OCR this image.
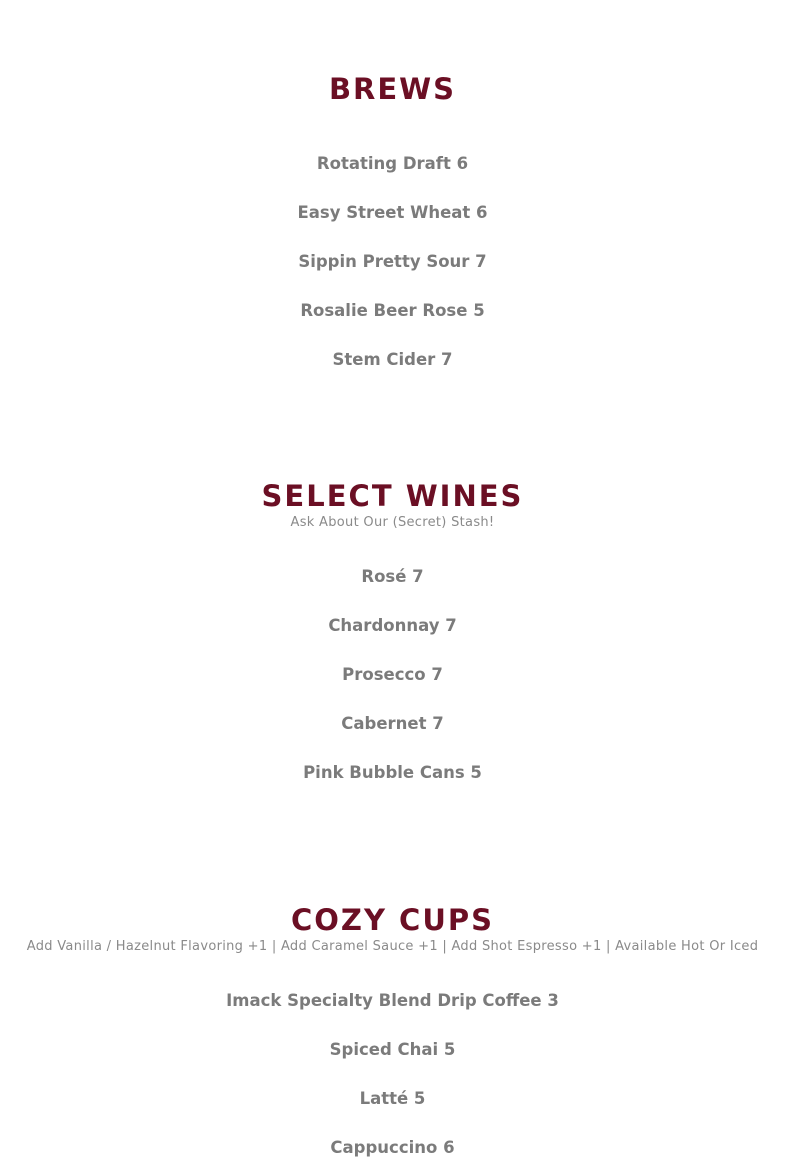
BREWS
Rotating Draft 6
Easy Street Wheat 6
Sippin Pretty Sour 7
Rosalie Beer Rose 5
Stem Cider 7
SELECT WINES

Ask About Our (Secret) Stash!

Rosé 7
Chardonnay 7
Prosecco 7
Cabernet 7
Pink Bubble Cans 5
COZY CUPS

Add Vanilla / Hazelnut Flavoring +1 | Add Caramel Sauce +1 | Add Shot Espresso +1 | Available Hot Or Iced

Imack Specialty Blend Drip Coffee 3
Spiced Chai 5
Latté 5
Cappuccino 6
